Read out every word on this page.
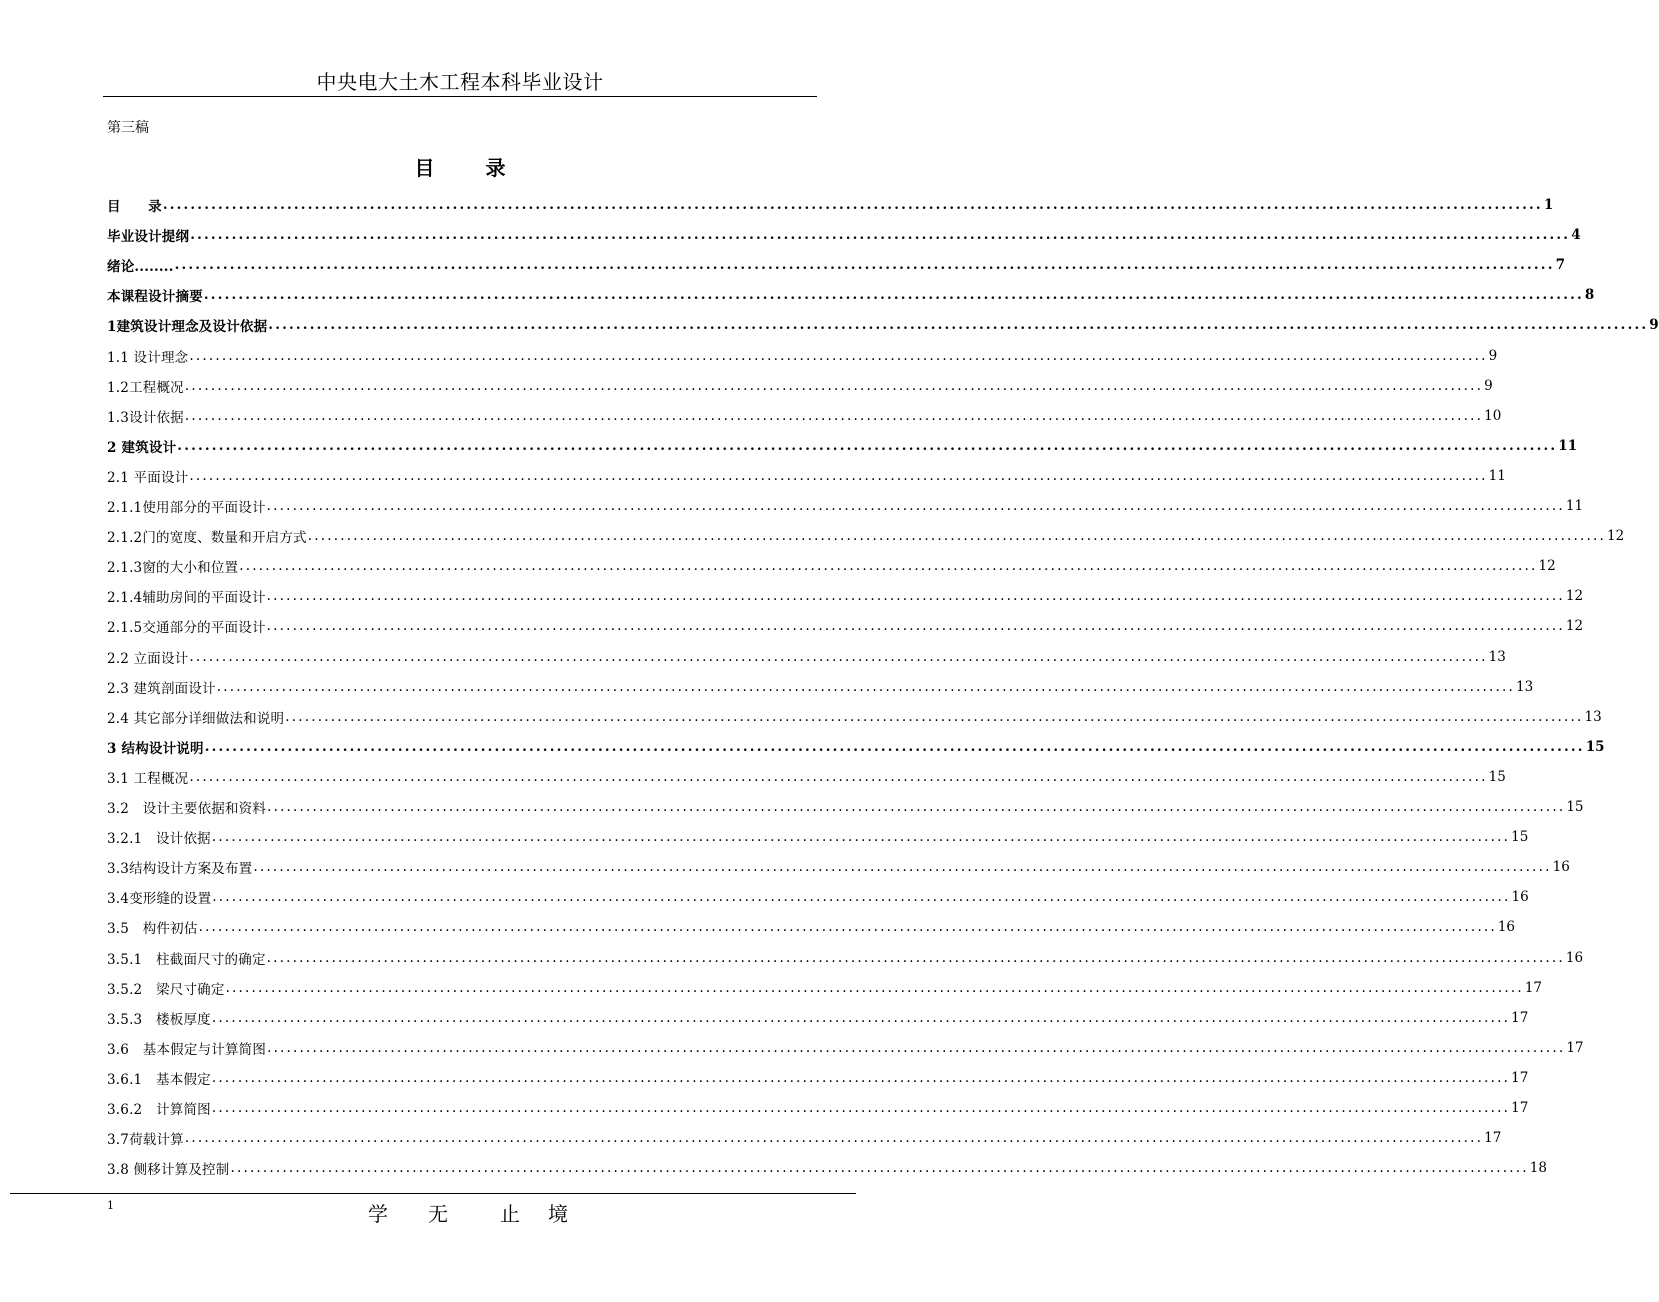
中央电大土木工程本科毕业设计
第三稿
目 录
目　　录 ........................................................................................................................................................................................................ 1
毕业设计提纲 ........................................................................................................................................................................................................ 4
绪论........ ........................................................................................................................................................................................................ 7
本课程设计摘要 ........................................................................................................................................................................................................ 8
1建筑设计理念及设计依据 ........................................................................................................................................................................................................ 9
1.1 设计理念 ........................................................................................................................................................................................................ 9
1.2工程概况 ........................................................................................................................................................................................................ 9
1.3设计依据 ........................................................................................................................................................................................................ 10
2 建筑设计 ........................................................................................................................................................................................................ 11
2.1 平面设计 ........................................................................................................................................................................................................ 11
2.1.1使用部分的平面设计 ........................................................................................................................................................................................................ 11
2.1.2门的宽度、数量和开启方式 ........................................................................................................................................................................................................ 12
2.1.3窗的大小和位置 ........................................................................................................................................................................................................ 12
2.1.4辅助房间的平面设计 ........................................................................................................................................................................................................ 12
2.1.5交通部分的平面设计 ........................................................................................................................................................................................................ 12
2.2 立面设计 ........................................................................................................................................................................................................ 13
2.3 建筑剖面设计 ........................................................................................................................................................................................................ 13
2.4 其它部分详细做法和说明 ........................................................................................................................................................................................................ 13
3 结构设计说明 ........................................................................................................................................................................................................ 15
3.1 工程概况 ........................................................................................................................................................................................................ 15
3.2　设计主要依据和资料 ........................................................................................................................................................................................................ 15
3.2.1　设计依据 ........................................................................................................................................................................................................ 15
3.3结构设计方案及布置 ........................................................................................................................................................................................................ 16
3.4变形缝的设置 ........................................................................................................................................................................................................ 16
3.5　构件初估 ........................................................................................................................................................................................................ 16
3.5.1　柱截面尺寸的确定 ........................................................................................................................................................................................................ 16
3.5.2　梁尺寸确定 ........................................................................................................................................................................................................ 17
3.5.3　楼板厚度 ........................................................................................................................................................................................................ 17
3.6　基本假定与计算简图 ........................................................................................................................................................................................................ 17
3.6.1　基本假定 ........................................................................................................................................................................................................ 17
3.6.2　计算简图 ........................................................................................................................................................................................................ 17
3.7荷载计算 ........................................................................................................................................................................................................ 17
3.8 侧移计算及控制 ........................................................................................................................................................................................................ 18
1	学 无	止 境
